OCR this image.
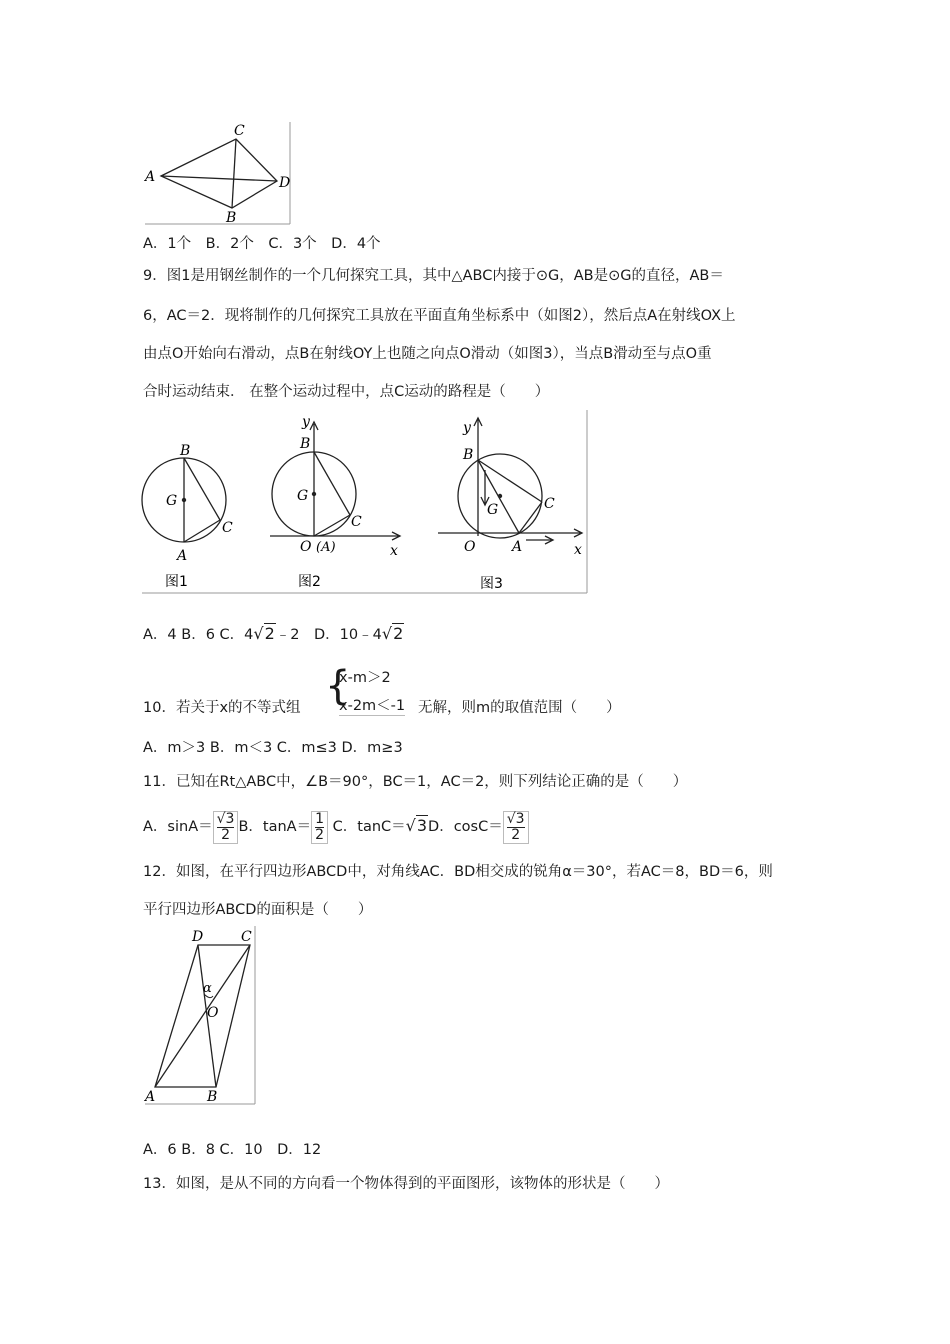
C
A	D
B
A．1个　B．2个　C．3个　D．4个
9．图1是用钢丝制作的一个几何探究工具，其中△ABC内接于⊙G，AB是⊙G的直径，AB＝
6，AC＝2．现将制作的几何探究工具放在平面直角坐标系中（如图2），然后点A在射线OX上
由点O开始向右滑动，点B在射线OY上也随之向点O滑动（如图3），当点B滑动至与点O重
合时运动结束． 在整个运动过程中，点C运动的路程是（　　）
B
G
C
A
图1
y
B
G
C
O (A)	x
图2
y
B
G	C
O	A	x
图3
A．4 B．6 C．4√2﹣2　D．10﹣4√2
10．若关于x的不等式组 {
x-m＞2
x-2m＜-1 无解，则m的取值范围（　　）
A．m＞3 B．m＜3 C．m≤3 D．m≥3
11．已知在Rt△ABC中，∠B＝90°，BC＝1，AC＝2，则下列结论正确的是（　　）
A．$\sin A= \frac{√3}{2}$ B．$\tan A= \frac{1}{2}$ C．tanC＝√3D．$\cos C= \frac{√3}{2}$
12．如图，在平行四边形ABCD中，对角线AC．BD相交成的锐角α＝30°，若AC＝8，BD＝6，则
平行四边形ABCD的面积是（　　）
D	C
α
O
A	B
A．6 B．8 C．10　D．12
13．如图，是从不同的方向看一个物体得到的平面图形，该物体的形状是（　　）
